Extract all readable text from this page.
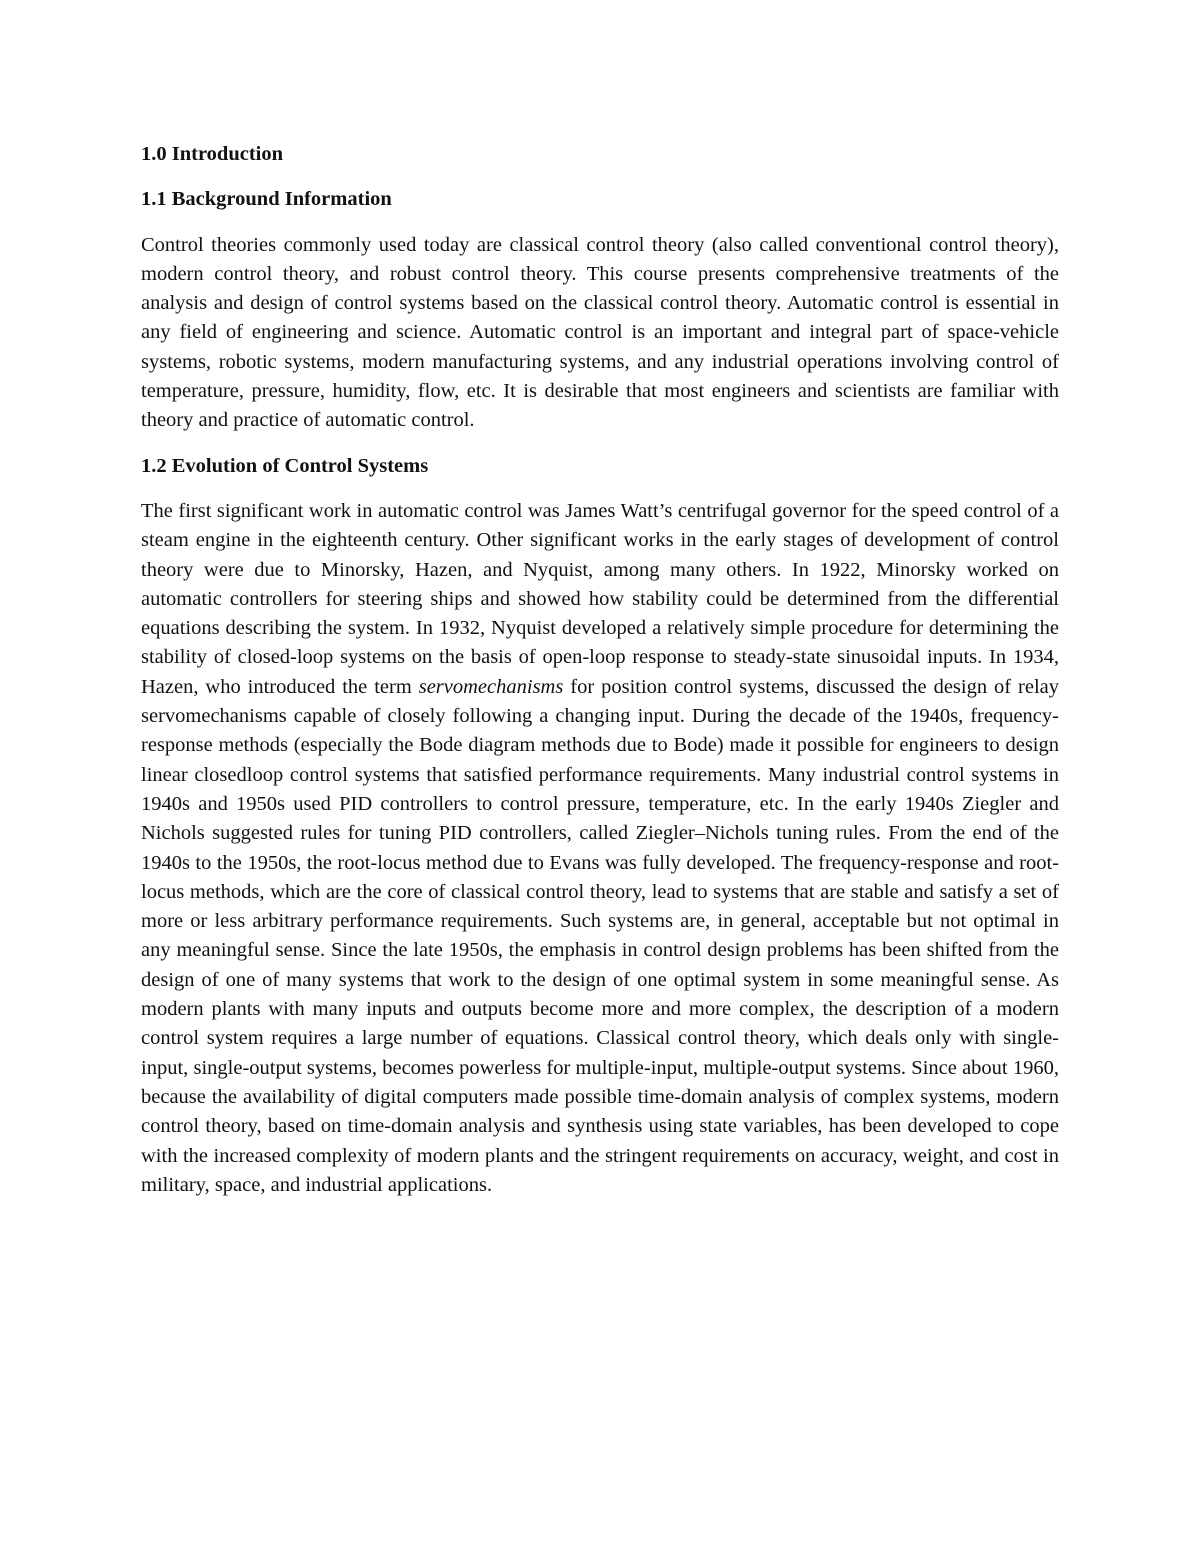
1.0 Introduction

1.1 Background Information

Control theories commonly used today are classical control theory (also called conventional control theory), modern control theory, and robust control theory. This course presents comprehensive treatments of the analysis and design of control systems based on the classical control theory. Automatic control is essential in any field of engineering and science. Automatic control is an important and integral part of space-vehicle systems, robotic systems, modern manufacturing systems, and any industrial operations involving control of temperature, pressure, humidity, flow, etc. It is desirable that most engineers and scientists are familiar with theory and practice of automatic control.

1.2 Evolution of Control Systems

The first significant work in automatic control was James Watt’s centrifugal governor for the speed control of a steam engine in the eighteenth century. Other significant works in the early stages of development of control theory were due to Minorsky, Hazen, and Nyquist, among many others. In 1922, Minorsky worked on automatic controllers for steering ships and showed how stability could be determined from the differential equations describing the system. In 1932, Nyquist developed a relatively simple procedure for determining the stability of closed-loop systems on the basis of open-loop response to steady-state sinusoidal inputs. In 1934, Hazen, who introduced the term servomechanisms for position control systems, discussed the design of relay servomechanisms capable of closely following a changing input. During the decade of the 1940s, frequency-response methods (especially the Bode diagram methods due to Bode) made it possible for engineers to design linear closedloop control systems that satisfied performance requirements. Many industrial control systems in 1940s and 1950s used PID controllers to control pressure, temperature, etc. In the early 1940s Ziegler and Nichols suggested rules for tuning PID controllers, called Ziegler–Nichols tuning rules. From the end of the 1940s to the 1950s, the root-locus method due to Evans was fully developed. The frequency-response and root-locus methods, which are the core of classical control theory, lead to systems that are stable and satisfy a set of more or less arbitrary performance requirements. Such systems are, in general, acceptable but not optimal in any meaningful sense. Since the late 1950s, the emphasis in control design problems has been shifted from the design of one of many systems that work to the design of one optimal system in some meaningful sense. As modern plants with many inputs and outputs become more and more complex, the description of a modern control system requires a large number of equations. Classical control theory, which deals only with single-input, single-output systems, becomes powerless for multiple-input, multiple-output systems. Since about 1960, because the availability of digital computers made possible time-domain analysis of complex systems, modern control theory, based on time-domain analysis and synthesis using state variables, has been developed to cope with the increased complexity of modern plants and the stringent requirements on accuracy, weight, and cost in military, space, and industrial applications.
